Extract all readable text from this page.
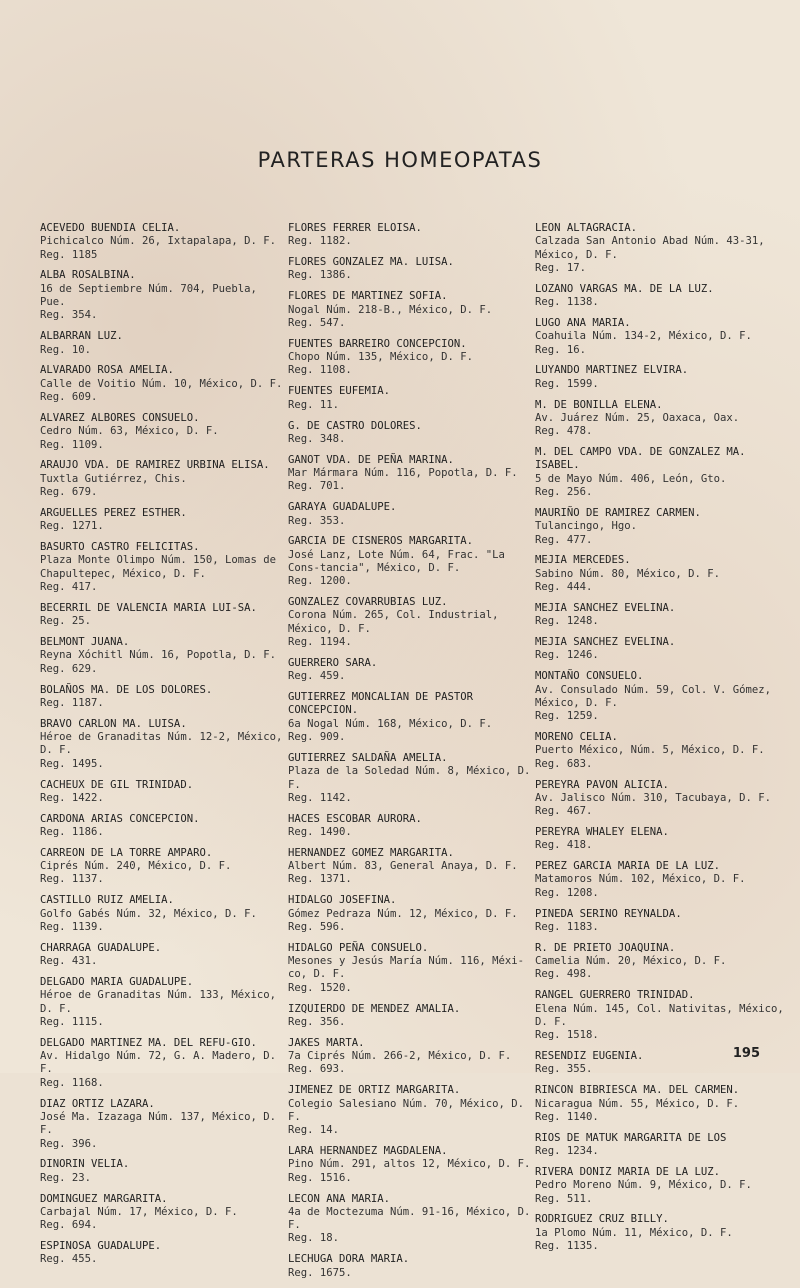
PARTERAS HOMEOPATAS
ACEVEDO BUENDIA CELIA.
Pichicalco Núm. 26, Ixtapalapa, D. F.
Reg. 1185
ALBA ROSALBINA.
16 de Septiembre Núm. 704, Puebla, Pue.
Reg. 354.
ALBARRAN LUZ.
Reg. 10.
ALVARADO ROSA AMELIA.
Calle de Voitio Núm. 10, México, D. F.
Reg. 609.
ALVAREZ ALBORES CONSUELO.
Cedro Núm. 63, México, D. F.
Reg. 1109.
ARAUJO VDA. DE RAMIREZ URBINA ELISA.
Tuxtla Gutiérrez, Chis.
Reg. 679.
ARGUELLES PEREZ ESTHER.
Reg. 1271.
BASURTO CASTRO FELICITAS.
Plaza Monte Olimpo Núm. 150, Lomas de Chapultepec, México, D. F.
Reg. 417.
BECERRIL DE VALENCIA MARIA LUI-SA.
Reg. 25.
BELMONT JUANA.
Reyna Xóchitl Núm. 16, Popotla, D. F.
Reg. 629.
BOLAÑOS MA. DE LOS DOLORES.
Reg. 1187.
BRAVO CARLON MA. LUISA.
Héroe de Granaditas Núm. 12-2, México, D. F.
Reg. 1495.
CACHEUX DE GIL TRINIDAD.
Reg. 1422.
CARDONA ARIAS CONCEPCION.
Reg. 1186.
CARREON DE LA TORRE AMPARO.
Ciprés Núm. 240, México, D. F.
Reg. 1137.
CASTILLO RUIZ AMELIA.
Golfo Gabés Núm. 32, México, D. F.
Reg. 1139.
CHARRAGA GUADALUPE.
Reg. 431.
DELGADO MARIA GUADALUPE.
Héroe de Granaditas Núm. 133, México, D. F.
Reg. 1115.
DELGADO MARTINEZ MA. DEL REFU-GIO.
Av. Hidalgo Núm. 72, G. A. Madero, D. F.
Reg. 1168.
DIAZ ORTIZ LAZARA.
José Ma. Izazaga Núm. 137, México, D. F.
Reg. 396.
DINORIN VELIA.
Reg. 23.
DOMINGUEZ MARGARITA.
Carbajal Núm. 17, México, D. F.
Reg. 694.
ESPINOSA GUADALUPE.
Reg. 455.
FLORES FERRER ELOISA.
Reg. 1182.
FLORES GONZALEZ MA. LUISA.
Reg. 1386.
FLORES DE MARTINEZ SOFIA.
Nogal Núm. 218-B., México, D. F.
Reg. 547.
FUENTES BARREIRO CONCEPCION.
Chopo Núm. 135, México, D. F.
Reg. 1108.
FUENTES EUFEMIA.
Reg. 11.
G. DE CASTRO DOLORES.
Reg. 348.
GANOT VDA. DE PEÑA MARINA.
Mar Mármara Núm. 116, Popotla, D. F.
Reg. 701.
GARAYA GUADALUPE.
Reg. 353.
GARCIA DE CISNEROS MARGARITA.
José Lanz, Lote Núm. 64, Frac. "La Cons-tancia", México, D. F.
Reg. 1200.
GONZALEZ COVARRUBIAS LUZ.
Corona Núm. 265, Col. Industrial, México, D. F.
Reg. 1194.
GUERRERO SARA.
Reg. 459.
GUTIERREZ MONCALIAN DE PASTOR CONCEPCION.
6a Nogal Núm. 168, México, D. F.
Reg. 909.
GUTIERREZ SALDAÑA AMELIA.
Plaza de la Soledad Núm. 8, México, D. F.
Reg. 1142.
HACES ESCOBAR AURORA.
Reg. 1490.
HERNANDEZ GOMEZ MARGARITA.
Albert Núm. 83, General Anaya, D. F.
Reg. 1371.
HIDALGO JOSEFINA.
Gómez Pedraza Núm. 12, México, D. F.
Reg. 596.
HIDALGO PEÑA CONSUELO.
Mesones y Jesús María Núm. 116, Méxi-co, D. F.
Reg. 1520.
IZQUIERDO DE MENDEZ AMALIA.
Reg. 356.
JAKES MARTA.
7a Ciprés Núm. 266-2, México, D. F.
Reg. 693.
JIMENEZ DE ORTIZ MARGARITA.
Colegio Salesiano Núm. 70, México, D. F.
Reg. 14.
LARA HERNANDEZ MAGDALENA.
Pino Núm. 291, altos 12, México, D. F.
Reg. 1516.
LECON ANA MARIA.
4a de Moctezuma Núm. 91-16, México, D. F.
Reg. 18.
LECHUGA DORA MARIA.
Reg. 1675.
LEON ALTAGRACIA.
Calzada San Antonio Abad Núm. 43-31, México, D. F.
Reg. 17.
LOZANO VARGAS MA. DE LA LUZ.
Reg. 1138.
LUGO ANA MARIA.
Coahuila Núm. 134-2, México, D. F.
Reg. 16.
LUYANDO MARTINEZ ELVIRA.
Reg. 1599.
M. DE BONILLA ELENA.
Av. Juárez Núm. 25, Oaxaca, Oax.
Reg. 478.
M. DEL CAMPO VDA. DE GONZALEZ MA. ISABEL.
5 de Mayo Núm. 406, León, Gto.
Reg. 256.
MAURIÑO DE RAMIREZ CARMEN.
Tulancingo, Hgo.
Reg. 477.
MEJIA MERCEDES.
Sabino Núm. 80, México, D. F.
Reg. 444.
MEJIA SANCHEZ EVELINA.
Reg. 1248.
MEJIA SANCHEZ EVELINA.
Reg. 1246.
MONTAÑO CONSUELO.
Av. Consulado Núm. 59, Col. V. Gómez, México, D. F.
Reg. 1259.
MORENO CELIA.
Puerto México, Núm. 5, México, D. F.
Reg. 683.
PEREYRA PAVON ALICIA.
Av. Jalisco Núm. 310, Tacubaya, D. F.
Reg. 467.
PEREYRA WHALEY ELENA.
Reg. 418.
PEREZ GARCIA MARIA DE LA LUZ.
Matamoros Núm. 102, México, D. F.
Reg. 1208.
PINEDA SERINO REYNALDA.
Reg. 1183.
R. DE PRIETO JOAQUINA.
Camelia Núm. 20, México, D. F.
Reg. 498.
RANGEL GUERRERO TRINIDAD.
Elena Núm. 145, Col. Nativitas, México, D. F.
Reg. 1518.
RESENDIZ EUGENIA.
Reg. 355.
RINCON BIBRIESCA MA. DEL CARMEN.
Nicaragua Núm. 55, México, D. F.
Reg. 1140.
RIOS DE MATUK MARGARITA DE LOS
Reg. 1234.
RIVERA DONIZ MARIA DE LA LUZ.
Pedro Moreno Núm. 9, México, D. F.
Reg. 511.
RODRIGUEZ CRUZ BILLY.
1a Plomo Núm. 11, México, D. F.
Reg. 1135.
195
